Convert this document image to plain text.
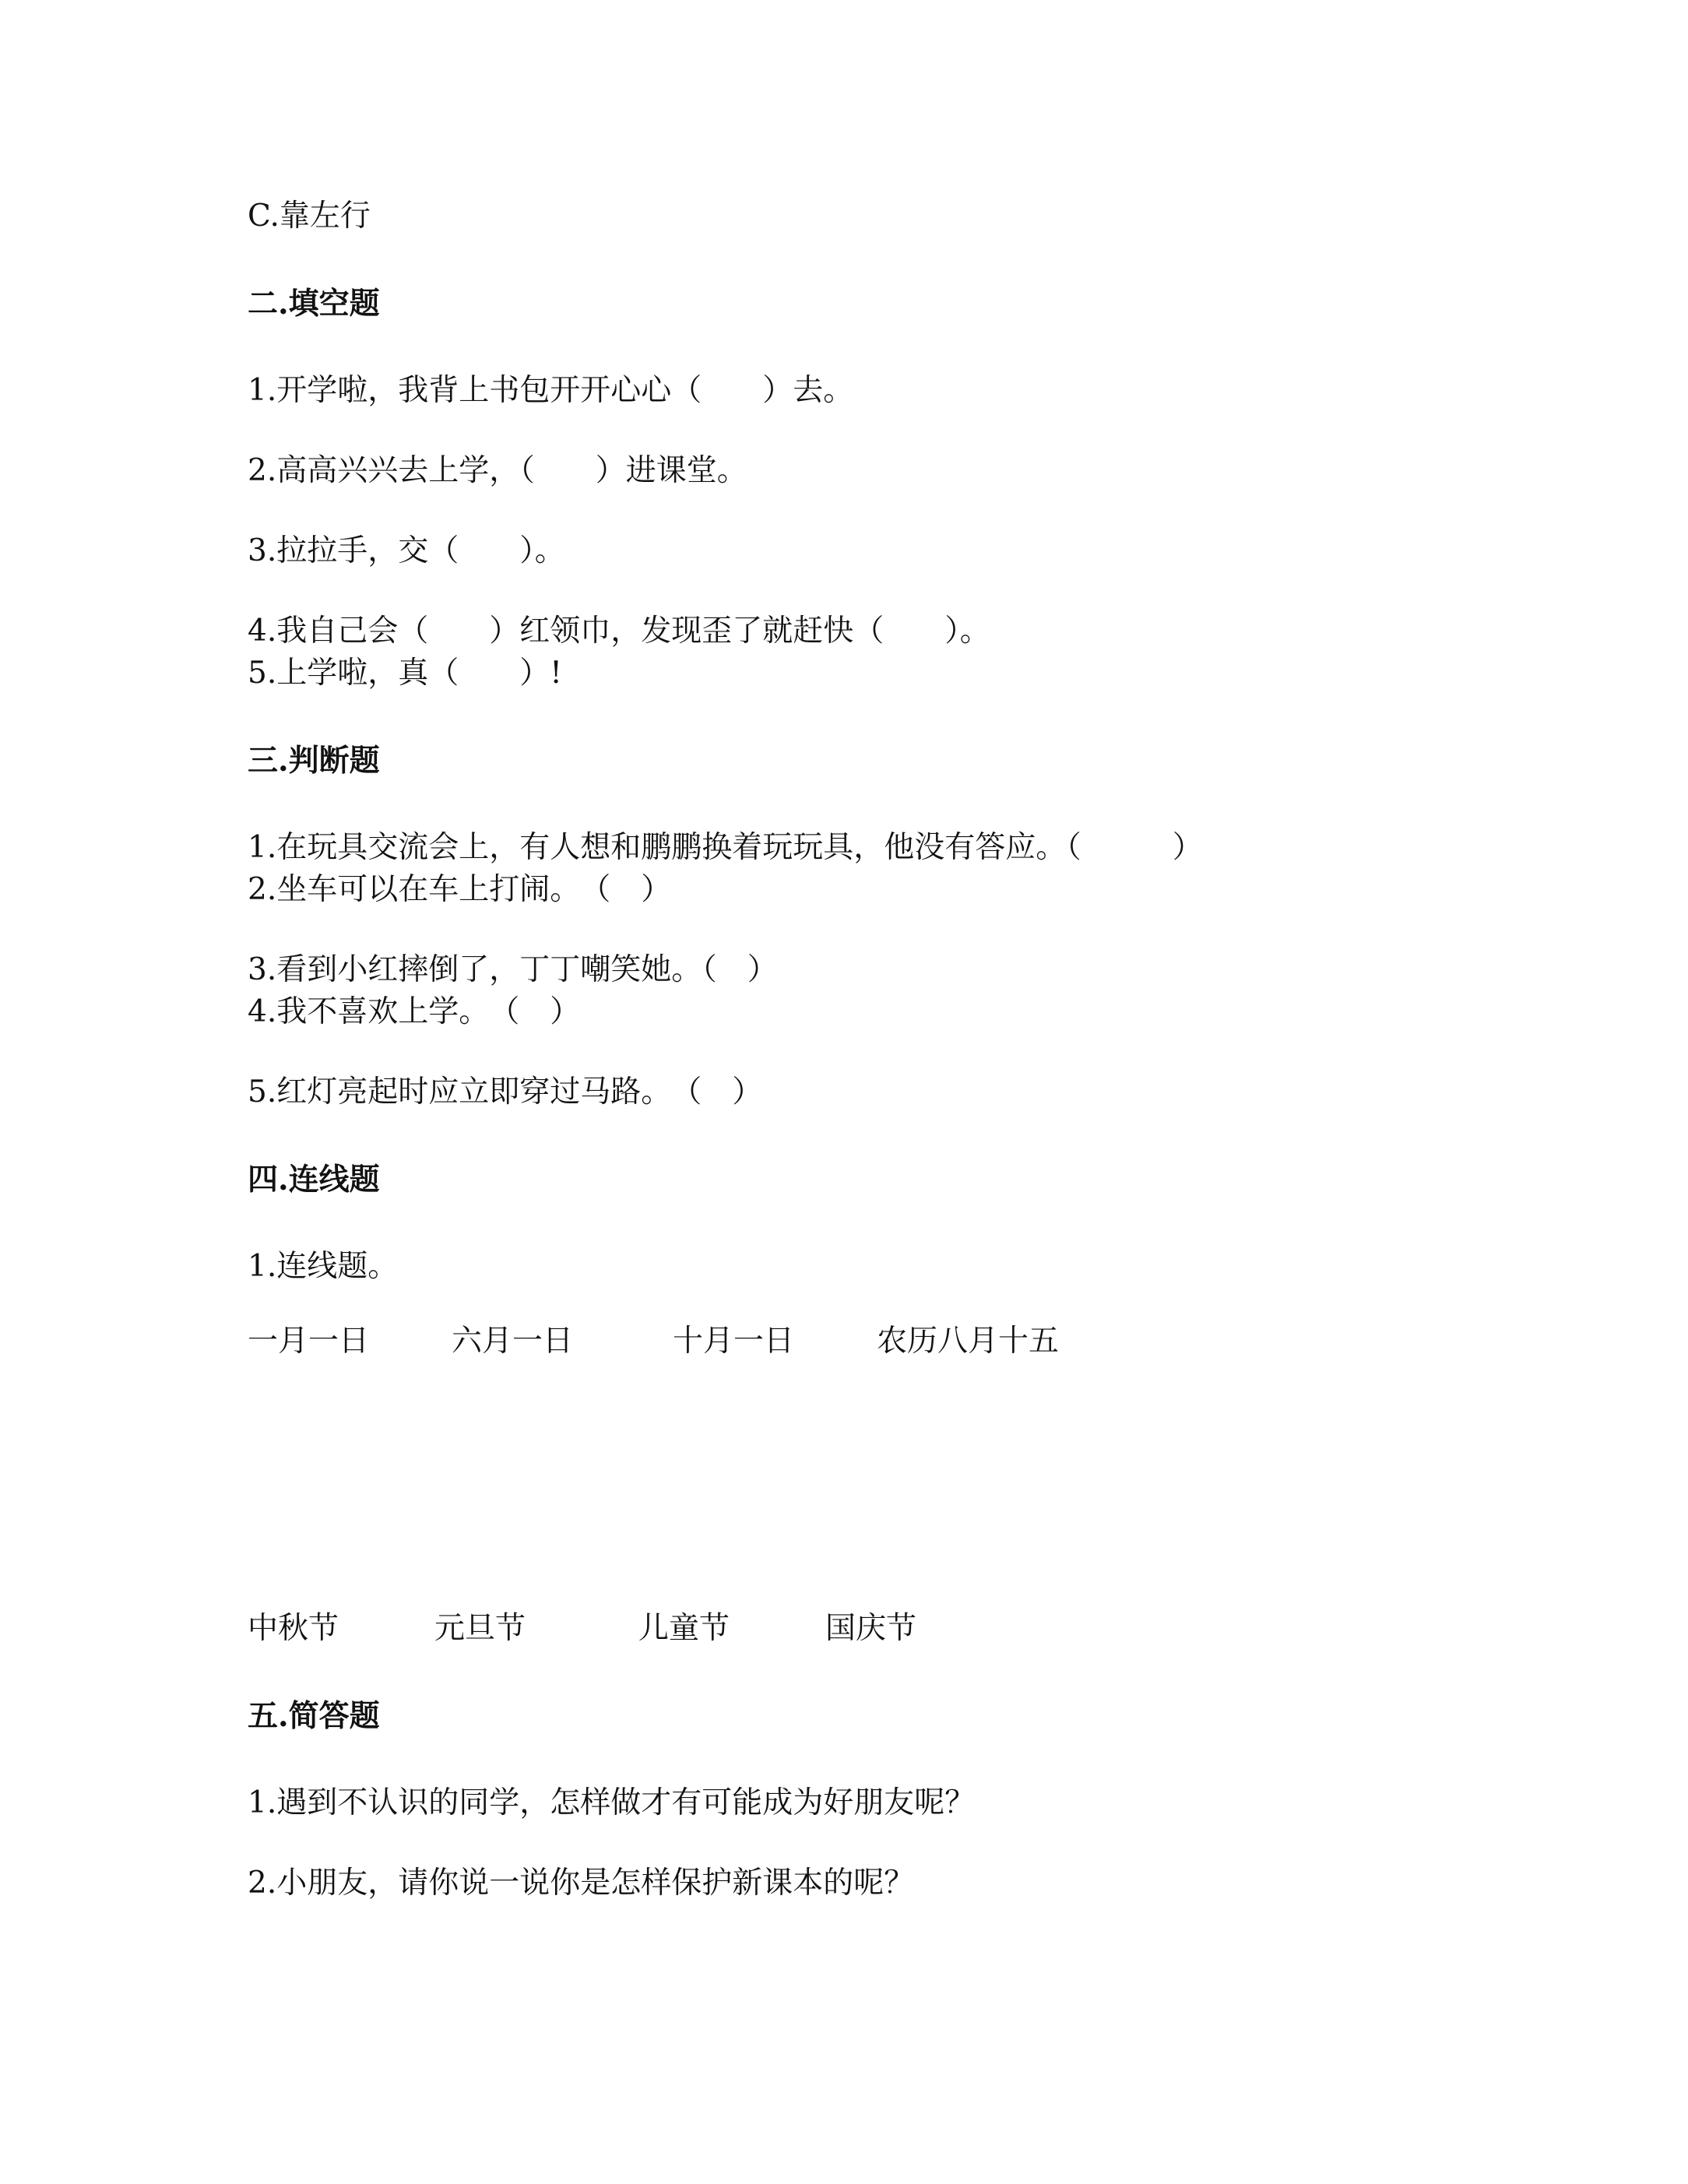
C.靠左行
二.填空题
1.开学啦，我背上书包开开心心（　　）去。
2.高高兴兴去上学，（　　）进课堂。
3.拉拉手，交（　　）。
4.我自己会（　　）红领巾，发现歪了就赶快（　　）。
5.上学啦，真（　　）!
三.判断题
1.在玩具交流会上，有人想和鹏鹏换着玩玩具，他没有答应。（　　　）
2.坐车可以在车上打闹。　（　）
3.看到小红摔倒了，丁丁嘲笑她。（　）
4.我不喜欢上学。　（　）
5.红灯亮起时应立即穿过马路。　（　）
四.连线题
1.连线题。

一月一日

	六月一日

	十月一日

	农历八月十五

中秋节

	元旦节

	儿童节

	国庆节

五.简答题
1.遇到不认识的同学，怎样做才有可能成为好朋友呢？
2.小朋友，请你说一说你是怎样保护新课本的呢？
